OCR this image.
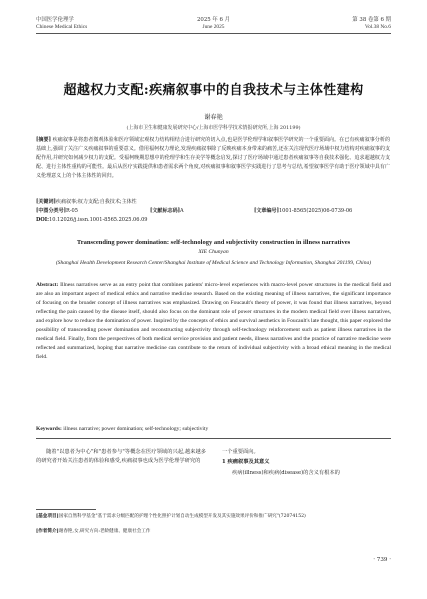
中国医学伦理学
Chinese Medical Ethics
2025 年 6 月
June 2025
第 38 卷第 6 期
Vol.38 No.6
超越权力支配:疾痛叙事中的自我技术与主体性建构
谢春艳
(上海市卫生和健康发展研究中心/上海市医学科学技术情报研究所,上海 201199)
[摘要] 疾痛叙事是将患者微观体验和医疗领域宏观权力结构相结合进行研究的切入点,也是医学伦理学和叙事医学研究的一个重要面向。在已有疾痛叙事分析的基础上,强调了关注广义疾痛叙事的重要意义。借用福柯权力理论,发现疾痛叙事除了反映疾痛本身带来的痛苦,还在关注现代医疗场域中权力结构对疾痛叙事的支配作用,并研究如何减少权力的支配。受福柯晚期思想中的伦理学和生存美学等概念启发,探讨了医疗场域中通过患者疾痛叙事等自我技术强化、追求超越权力支配、进行主体性重构的可能性。最后从医疗实践提供和患者需求两个角度,对疾痛叙事和叙事医学实践进行了思考与总结,希望叙事医学有助于医疗领域中具有广义伦理意义上的个体主体性的回归。
[关键词]疾痛叙事;权力支配;自我技术;主体性
[中图分类号]R-05	[文献标志码]A	[文章编号]1001-8565(2025)06-0739-06
DOI:10.12026/j.issn.1001-8565.2025.06.09
Transcending power domination: self-technology and subjectivity construction in illness narratives
XIE Chunyan
(Shanghai Health Development Research Center/Shanghai Institute of Medical Science and Technology Information, Shanghai 201199, China)
Abstract: Illness narratives serve as an entry point that combines patients' micro-level experiences with macro-level power structures in the medical field and are also an important aspect of medical ethics and narrative medicine research. Based on the existing meaning of illness narratives, the significant importance of focusing on the broader concept of illness narratives was emphasized. Drawing on Foucault's theory of power, it was found that illness narratives, beyond reflecting the pain caused by the disease itself, should also focus on the dominant role of power structures in the modern medical field over illness narratives, and explore how to reduce the domination of power. Inspired by the concepts of ethics and survival aesthetics in Foucault's late thought, this paper explored the possibility of transcending power domination and reconstructing subjectivity through self-technology reinforcement such as patient illness narratives in the medical field. Finally, from the perspectives of both medical service provision and patient needs, illness narratives and the practice of narrative medicine were reflected and summarized, hoping that narrative medicine can contribute to the return of individual subjectivity with a broad ethical meaning in the medical field.
Keywords: illness narrative; power domination; self-technology; subjectivity
随着"以患者为中心"和"患者参与"等概念在医疗领域的兴起,越来越多的研究者开始关注患者的体验和感受,疾痛叙事也成为医学伦理学研究的
一个重要面向。
1 疾痛叙事及其意义
疾病(illness)和疾病(disease)的含义有根本的
[基金项目]国家自然科学基金"基于需求分级匹配的护理个性化照护计划自动生成模型开发及其实施效果评价和推广研究"(72074152)
[作者简介]谢春艳,女,研究方向:老龄健康、健康社会工作
· 739 ·
